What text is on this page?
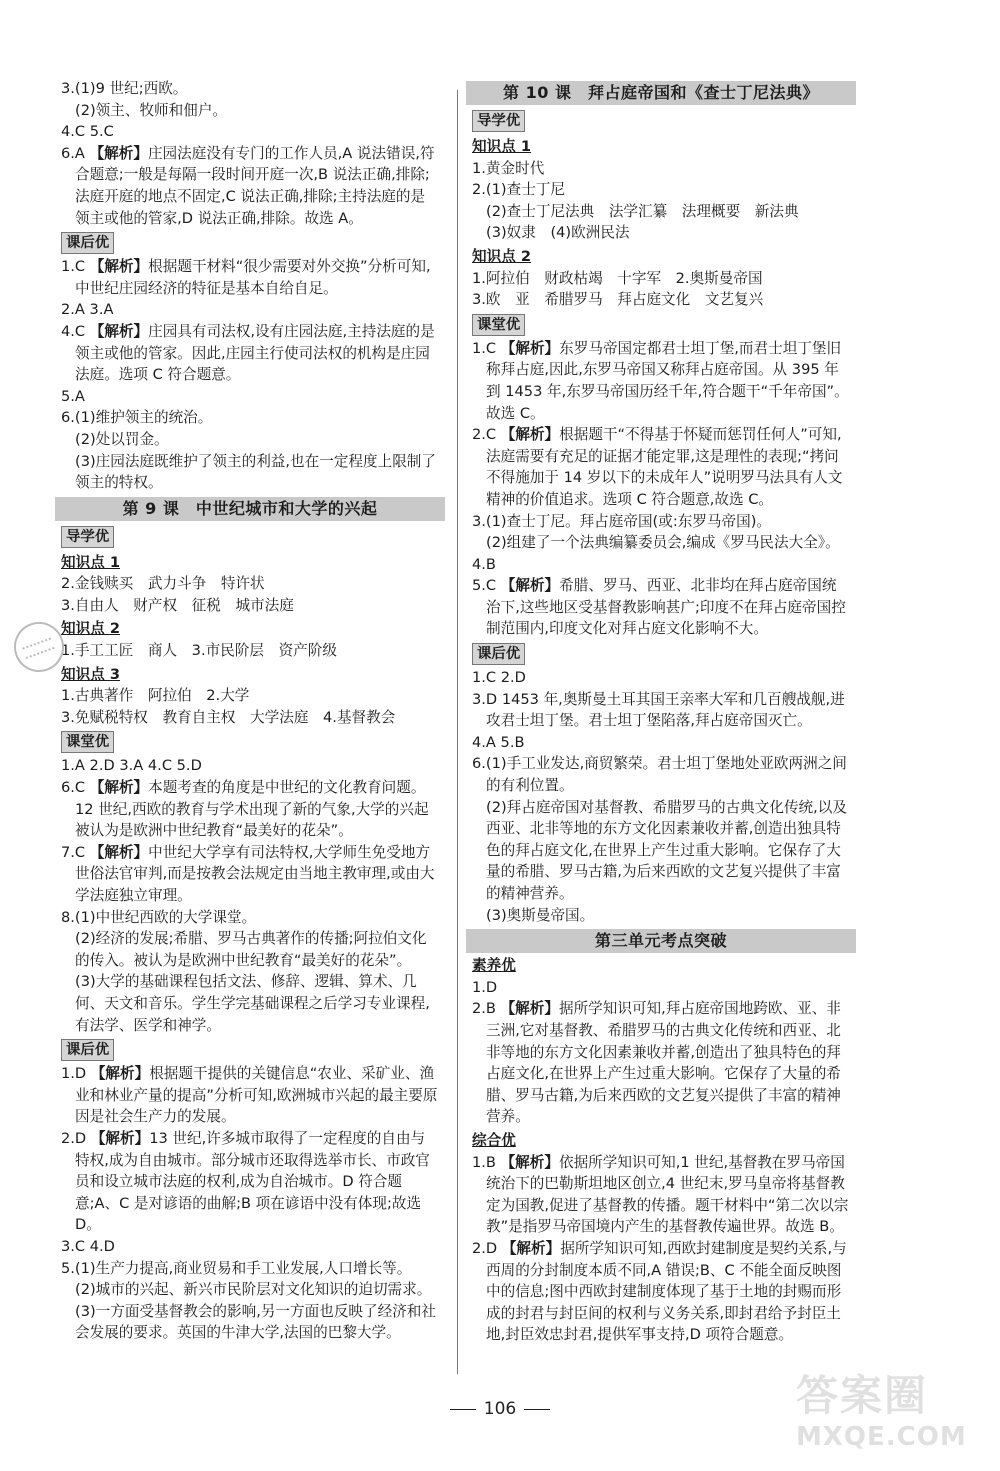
3.(1)9 世纪;西欧。
(2)领主、牧师和佃户。
4.C 5.C
6.A 【解析】庄园法庭没有专门的工作人员,A 说法错误,符合题意;一般是每隔一段时间开庭一次,B 说法正确,排除;法庭开庭的地点不固定,C 说法正确,排除;主持法庭的是领主或他的管家,D 说法正确,排除。故选 A。
课后优
1.C 【解析】根据题干材料“很少需要对外交换”分析可知,中世纪庄园经济的特征是基本自给自足。
2.A 3.A
4.C 【解析】庄园具有司法权,设有庄园法庭,主持法庭的是领主或他的管家。因此,庄园主行使司法权的机构是庄园法庭。选项 C 符合题意。
5.A
6.(1)维护领主的统治。
(2)处以罚金。
(3)庄园法庭既维护了领主的利益,也在一定程度上限制了领主的特权。
第 9 课　中世纪城市和大学的兴起
导学优
知识点 1
2.金钱赎买　武力斗争　特许状
3.自由人　财产权　征税　城市法庭
知识点 2
1.手工工匠　商人　3.市民阶层　资产阶级
知识点 3
1.古典著作　阿拉伯　2.大学
3.免赋税特权　教育自主权　大学法庭　4.基督教会
课堂优
1.A 2.D 3.A 4.C 5.D
6.C 【解析】本题考查的角度是中世纪的文化教育问题。12 世纪,西欧的教育与学术出现了新的气象,大学的兴起被认为是欧洲中世纪教育“最美好的花朵”。
7.C 【解析】中世纪大学享有司法特权,大学师生免受地方世俗法官审判,而是按教会法规定由当地主教审理,或由大学法庭独立审理。
8.(1)中世纪西欧的大学课堂。
(2)经济的发展;希腊、罗马古典著作的传播;阿拉伯文化的传入。被认为是欧洲中世纪教育“最美好的花朵”。
(3)大学的基础课程包括文法、修辞、逻辑、算术、几何、天文和音乐。学生学完基础课程之后学习专业课程,有法学、医学和神学。
课后优
1.D 【解析】根据题干提供的关键信息“农业、采矿业、渔业和林业产量的提高”分析可知,欧洲城市兴起的最主要原因是社会生产力的发展。
2.D 【解析】13 世纪,许多城市取得了一定程度的自由与特权,成为自由城市。部分城市还取得选举市长、市政官员和设立城市法庭的权利,成为自治城市。D 符合题意;A、C 是对谚语的曲解;B 项在谚语中没有体现;故选 D。
3.C 4.D
5.(1)生产力提高,商业贸易和手工业发展,人口增长等。
(2)城市的兴起、新兴市民阶层对文化知识的迫切需求。
(3)一方面受基督教会的影响,另一方面也反映了经济和社会发展的要求。英国的牛津大学,法国的巴黎大学。
第 10 课　拜占庭帝国和《查士丁尼法典》
导学优
知识点 1
1.黄金时代
2.(1)查士丁尼
(2)查士丁尼法典　法学汇纂　法理概要　新法典
(3)奴隶　(4)欧洲民法
知识点 2
1.阿拉伯　财政枯竭　十字军　2.奥斯曼帝国
3.欧　亚　希腊罗马　拜占庭文化　文艺复兴
课堂优
1.C 【解析】东罗马帝国定都君士坦丁堡,而君士坦丁堡旧称拜占庭,因此,东罗马帝国又称拜占庭帝国。从 395 年到 1453 年,东罗马帝国历经千年,符合题干“千年帝国”。故选 C。
2.C 【解析】根据题干“不得基于怀疑而惩罚任何人”可知,法庭需要有充足的证据才能定罪,这是理性的表现;“拷问不得施加于 14 岁以下的未成年人”说明罗马法具有人文精神的价值追求。选项 C 符合题意,故选 C。
3.(1)查士丁尼。拜占庭帝国(或:东罗马帝国)。
(2)组建了一个法典编纂委员会,编成《罗马民法大全》。
4.B
5.C 【解析】希腊、罗马、西亚、北非均在拜占庭帝国统治下,这些地区受基督教影响甚广;印度不在拜占庭帝国控制范围内,印度文化对拜占庭文化影响不大。
课后优
1.C 2.D
3.D 1453 年,奥斯曼土耳其国王亲率大军和几百艘战舰,进攻君士坦丁堡。君士坦丁堡陷落,拜占庭帝国灭亡。
4.A 5.B
6.(1)手工业发达,商贸繁荣。君士坦丁堡地处亚欧两洲之间的有利位置。
(2)拜占庭帝国对基督教、希腊罗马的古典文化传统,以及西亚、北非等地的东方文化因素兼收并蓄,创造出独具特色的拜占庭文化,在世界上产生过重大影响。它保存了大量的希腊、罗马古籍,为后来西欧的文艺复兴提供了丰富的精神营养。
(3)奥斯曼帝国。
第三单元考点突破
素养优
1.D
2.B 【解析】据所学知识可知,拜占庭帝国地跨欧、亚、非三洲,它对基督教、希腊罗马的古典文化传统和西亚、北非等地的东方文化因素兼收并蓄,创造出了独具特色的拜占庭文化,在世界上产生过重大影响。它保存了大量的希腊、罗马古籍,为后来西欧的文艺复兴提供了丰富的精神营养。
综合优
1.B 【解析】依据所学知识可知,1 世纪,基督教在罗马帝国统治下的巴勒斯坦地区创立,4 世纪末,罗马皇帝将基督教定为国教,促进了基督教的传播。题干材料中“第二次以宗教”是指罗马帝国境内产生的基督教传遍世界。故选 B。
2.D 【解析】据所学知识可知,西欧封建制度是契约关系,与西周的分封制度本质不同,A 错误;B、C 不能全面反映图中的信息;图中西欧封建制度体现了基于土地的封赐而形成的封君与封臣间的权利与义务关系,即封君给予封臣土地,封臣效忠封君,提供军事支持,D 项符合题意。
106	答案圈
MXQE.COM
